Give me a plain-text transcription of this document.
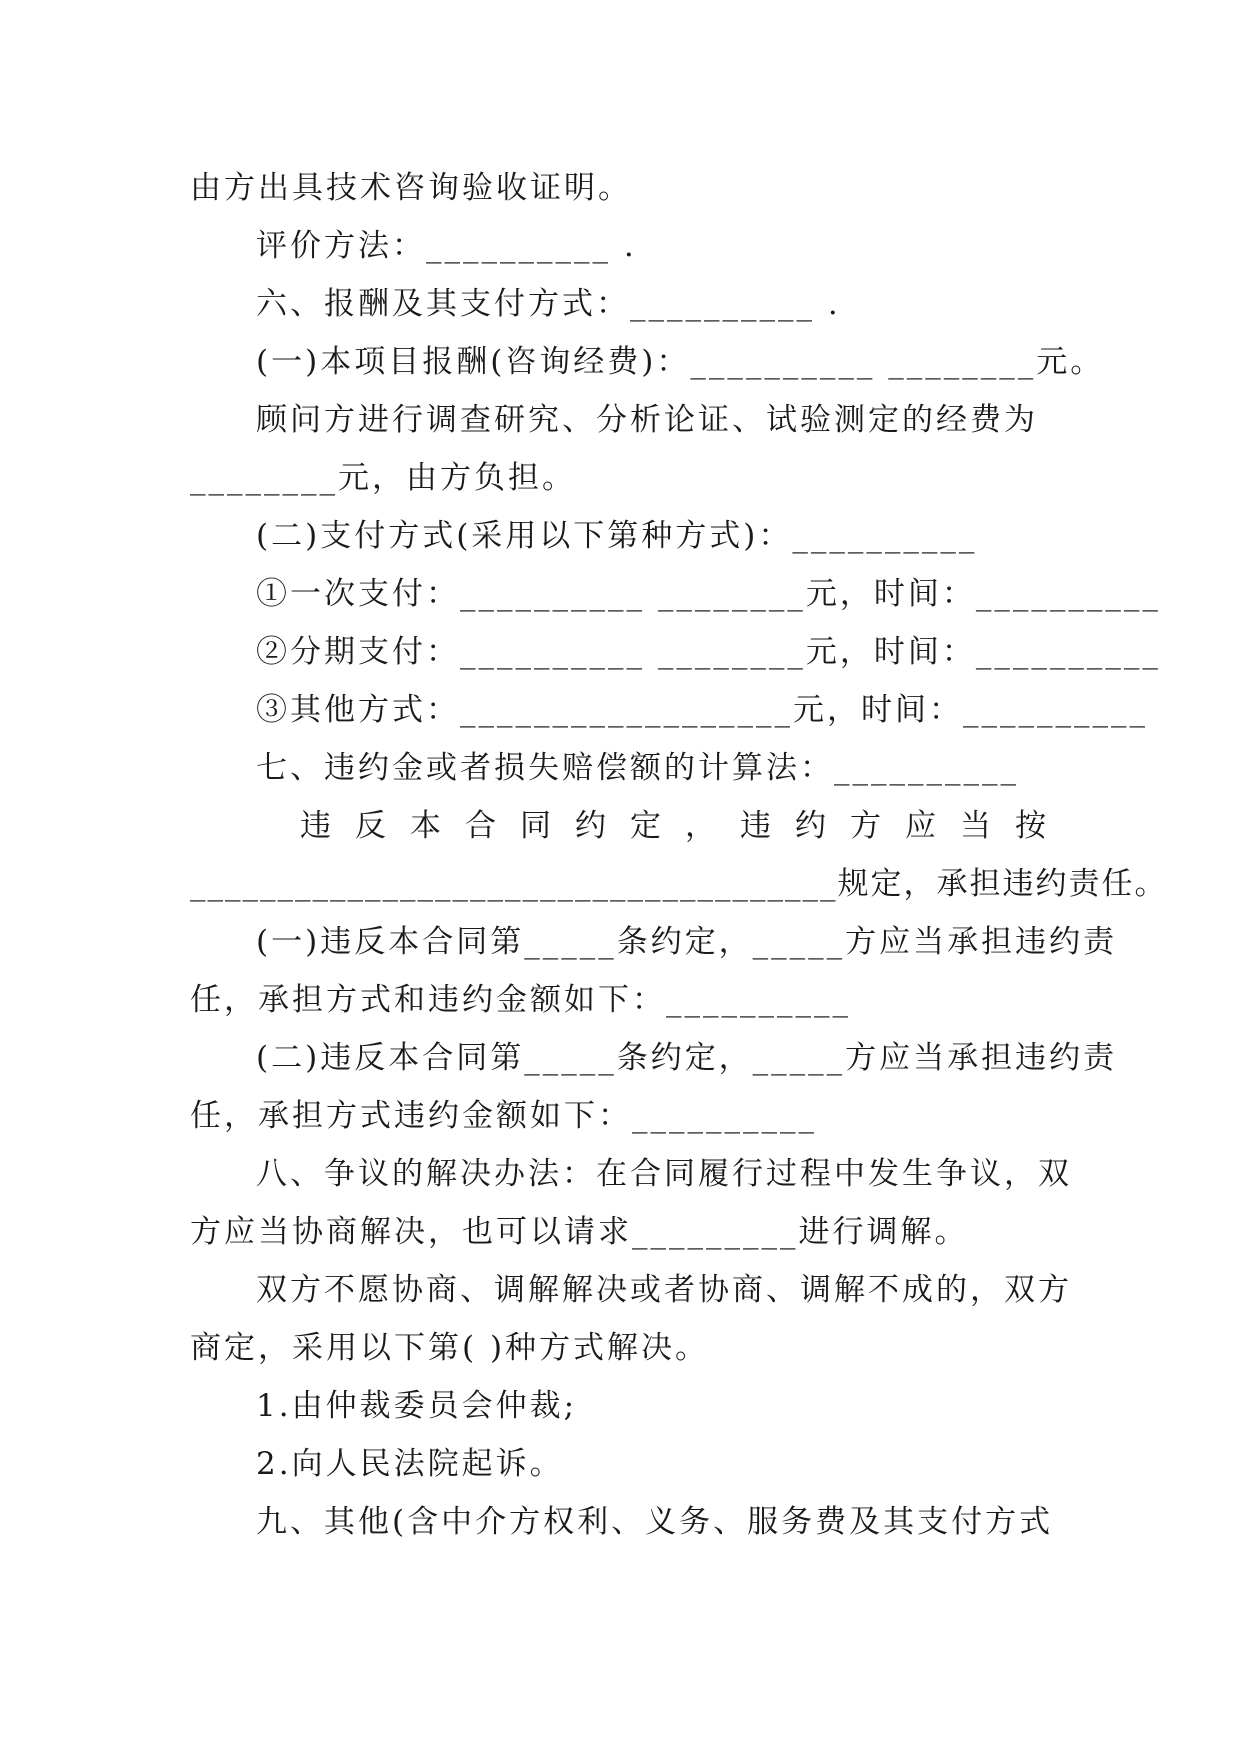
由方出具技术咨询验收证明。
评价方法：__________ .
六、报酬及其支付方式：__________ .
(一)本项目报酬(咨询经费)：__________ ________元。
顾问方进行调查研究、分析论证、试验测定的经费为
________元，由方负担。
(二)支付方式(采用以下第种方式)：__________
①一次支付：__________ ________元，时间：__________
②分期支付：__________ ________元，时间：__________
③其他方式：__________________元，时间：__________
七、违约金或者损失赔偿额的计算法：__________
违反本合同约定，违约方应当按
_____________________________________规定，承担违约责任。
(一)违反本合同第_____条约定，_____方应当承担违约责
任，承担方式和违约金额如下：__________
(二)违反本合同第_____条约定，_____方应当承担违约责
任，承担方式违约金额如下：__________
八、争议的解决办法：在合同履行过程中发生争议，双
方应当协商解决，也可以请求_________进行调解。
双方不愿协商、调解解决或者协商、调解不成的，双方
商定，采用以下第( )种方式解决。
1.由仲裁委员会仲裁;
2.向人民法院起诉。
九、其他(含中介方权利、义务、服务费及其支付方式
